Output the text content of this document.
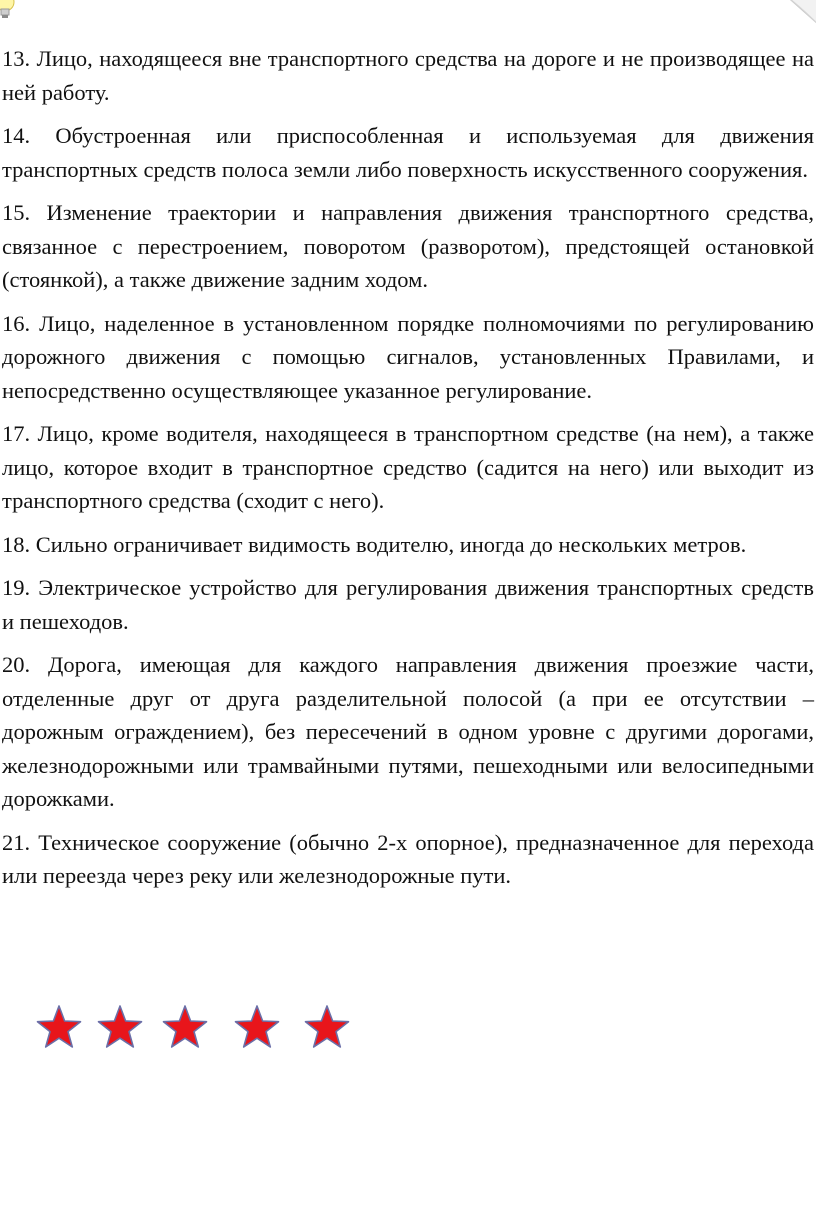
13. Лицо, находящееся вне транспортного средства на дороге и не производящее на ней работу.

14. Обустроенная или приспособленная и используемая для движения транспортных средств полоса земли либо поверхность искусственного сооружения.

15. Изменение траектории и направления движения транспортного средства, связанное с перестроением, поворотом (разворотом), предстоящей остановкой (стоянкой), а также движение задним ходом.

16. Лицо, наделенное в установленном порядке полномочиями по регулированию дорожного движения с помощью сигналов, установленных Правилами, и непосредственно осуществляющее указанное регулирование.

17. Лицо, кроме водителя, находящееся в транспортном средстве (на нем), а также лицо, которое входит в транспортное средство (садится на него) или выходит из транспортного средства (сходит с него).

18. Сильно ограничивает видимость водителю, иногда до нескольких метров.

19. Электрическое устройство для регулирования движения транспортных средств и пешеходов.

20. Дорога, имеющая для каждого направления движения проезжие части, отделенные друг от друга разделительной полосой (а при ее отсутствии – дорожным ограждением), без пересечений в одном уровне с другими дорогами, железнодорожными или трамвайными путями, пешеходными или велосипедными дорожками.

21. Техническое сооружение (обычно 2-х опорное), предназначенное для перехода или переезда через реку или железнодорожные пути.
